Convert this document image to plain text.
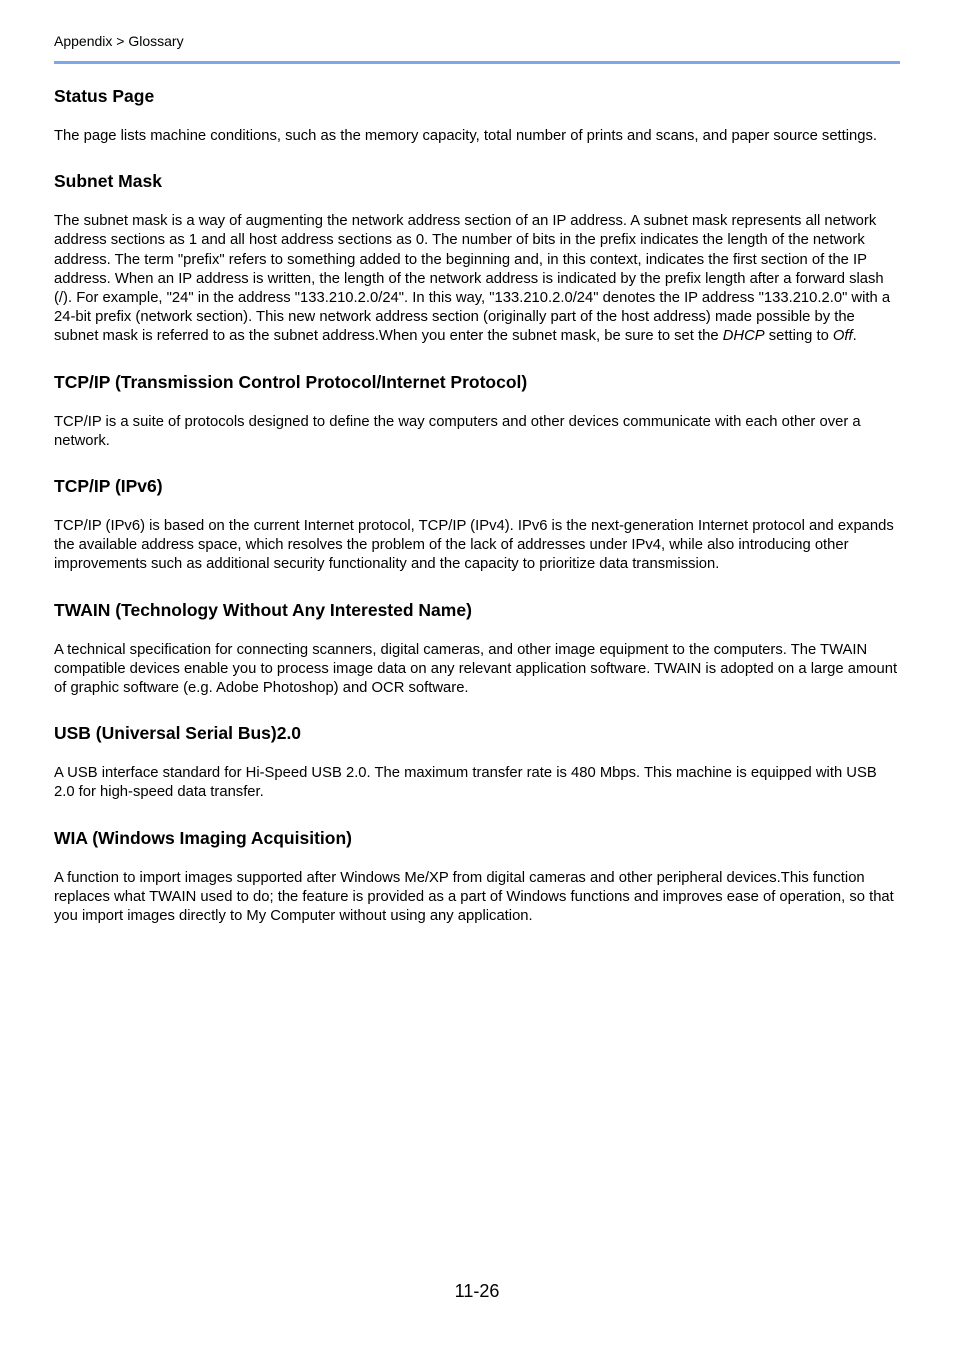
Appendix > Glossary
Status Page

The page lists machine conditions, such as the memory capacity, total number of prints and scans, and paper source settings.

Subnet Mask

The subnet mask is a way of augmenting the network address section of an IP address. A subnet mask represents all network address sections as 1 and all host address sections as 0. The number of bits in the prefix indicates the length of the network address. The term "prefix" refers to something added to the beginning and, in this context, indicates the first section of the IP address. When an IP address is written, the length of the network address is indicated by the prefix length after a forward slash (/). For example, "24" in the address "133.210.2.0/24". In this way, "133.210.2.0/24" denotes the IP address "133.210.2.0" with a 24-bit prefix (network section). This new network address section (originally part of the host address) made possible by the subnet mask is referred to as the subnet address.When you enter the subnet mask, be sure to set the DHCP setting to Off.

TCP/IP (Transmission Control Protocol/Internet Protocol)

TCP/IP is a suite of protocols designed to define the way computers and other devices communicate with each other over a network.

TCP/IP (IPv6)

TCP/IP (IPv6) is based on the current Internet protocol, TCP/IP (IPv4). IPv6 is the next-generation Internet protocol and expands the available address space, which resolves the problem of the lack of addresses under IPv4, while also introducing other improvements such as additional security functionality and the capacity to prioritize data transmission.

TWAIN (Technology Without Any Interested Name)

A technical specification for connecting scanners, digital cameras, and other image equipment to the computers. The TWAIN compatible devices enable you to process image data on any relevant application software. TWAIN is adopted on a large amount of graphic software (e.g. Adobe Photoshop) and OCR software.

USB (Universal Serial Bus)2.0

A USB interface standard for Hi-Speed USB 2.0. The maximum transfer rate is 480 Mbps. This machine is equipped with USB 2.0 for high-speed data transfer.

WIA (Windows Imaging Acquisition)

A function to import images supported after Windows Me/XP from digital cameras and other peripheral devices.This function replaces what TWAIN used to do; the feature is provided as a part of Windows functions and improves ease of operation, so that you import images directly to My Computer without using any application.

11-26
